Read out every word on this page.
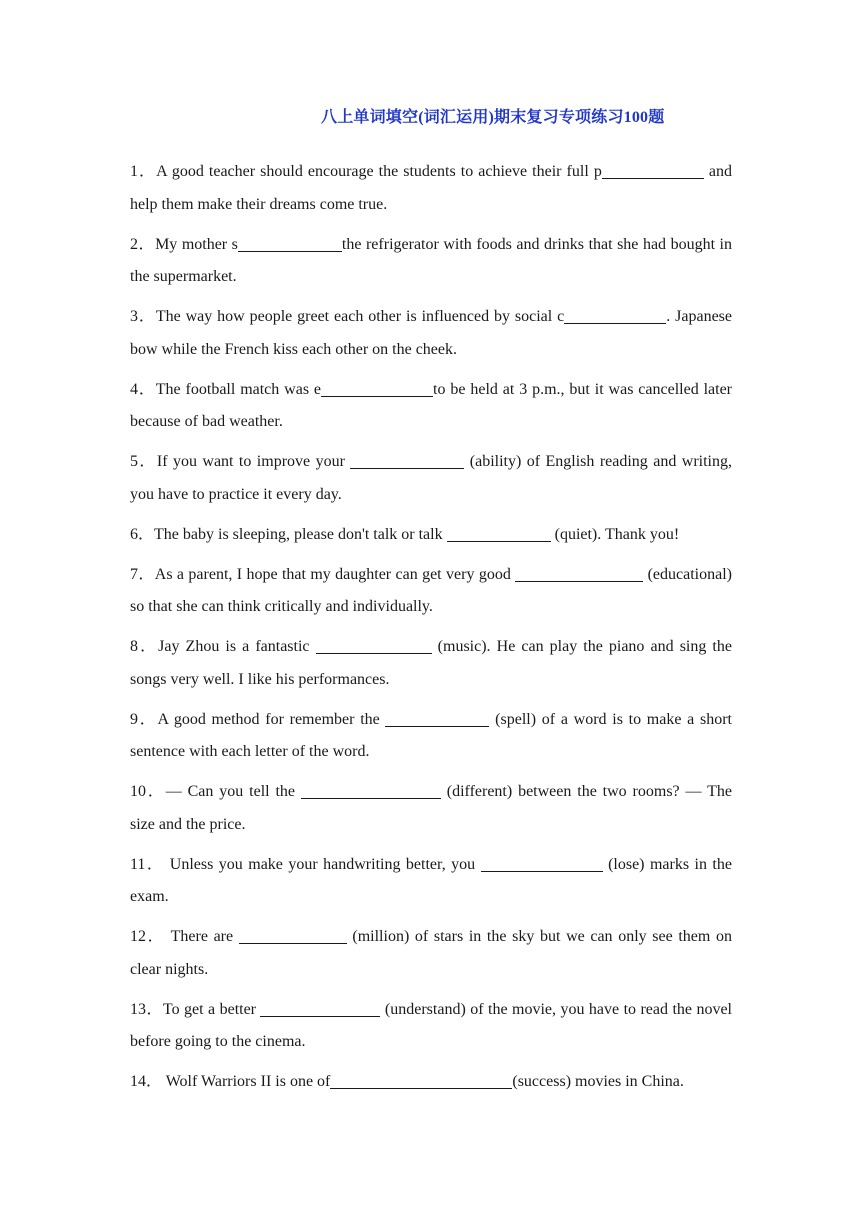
八上单词填空(词汇运用)期末复习专项练习100题

1．A good teacher should encourage the students to achieve their full p	and help them make their dreams come true.

2．My mother s	the refrigerator with foods and drinks that she had bought in the supermarket.

3．The way how people greet each other is influenced by social c	. Japanese bow while the French kiss each other on the cheek.

4．The football match was e	to be held at 3 p.m., but it was cancelled later because of bad weather.

5．If you want to improve your	(ability) of English reading and writing, you have to practice it every day.

6．The baby is sleeping, please don't talk or talk	(quiet). Thank you!

7．As a parent, I hope that my daughter can get very good	(educational) so that she can think critically and individually.

8．Jay Zhou is a fantastic	(music). He can play the piano and sing the songs very well. I like his performances.

9．A good method for remember the	(spell) of a word is to make a short sentence with each letter of the word.

10．— Can you tell the	(different) between the two rooms? — The size and the price.

11． Unless you make your handwriting better, you	(lose) marks in the exam.

12． There are	(million) of stars in the sky but we can only see them on clear nights.

13．To get a better	(understand) of the movie, you have to read the novel before going to the cinema.

14． Wolf Warriors II is one of	(success) movies in China.
